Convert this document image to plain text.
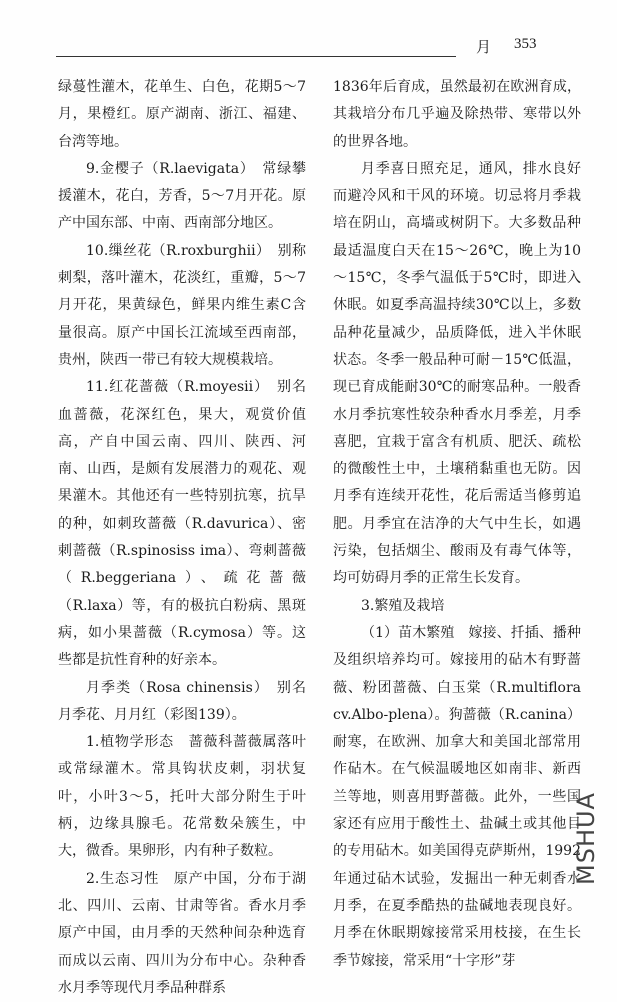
月 353

绿蔓性灌木，花单生、白色，花期5～7月，果橙红。原产湖南、浙江、福建、台湾等地。

9.金樱子（R.laevigata）　常绿攀援灌木，花白，芳香，5～7月开花。原产中国东部、中南、西南部分地区。

10.缫丝花（R.roxburghii）　别称刺梨，落叶灌木，花淡红，重瓣，5～7月开花，果黄绿色，鲜果内维生素C含量很高。原产中国长江流域至西南部，贵州，陕西一带已有较大规模栽培。

11.红花蔷薇（R.moyesii）　别名血蔷薇，花深红色，果大，观赏价值高，产自中国云南、四川、陕西、河南、山西，是颇有发展潜力的观花、观果灌木。其他还有一些特别抗寒，抗旱的种，如刺玫蔷薇（R.davurica）、密刺蔷薇（R.spinosiss ima）、弯刺蔷薇（R.beggeriana）、疏花蔷薇（R.laxa）等，有的极抗白粉病、黑斑病，如小果蔷薇（R.cymosa）等。这些都是抗性育种的好亲本。

月季类（Rosa chinensis）　别名月季花、月月红（彩图139）。

1.植物学形态　蔷薇科蔷薇属落叶或常绿灌木。常具钩状皮刺，羽状复叶，小叶3～5，托叶大部分附生于叶柄，边缘具腺毛。花常数朵簇生，中大，微香。果卵形，内有种子数粒。

2.生态习性　原产中国，分布于湖北、四川、云南、甘肃等省。香水月季原产中国，由月季的天然种间杂种选育而成以云南、四川为分布中心。杂种香水月季等现代月季品种群系

1836年后育成，虽然最初在欧洲育成，其栽培分布几乎遍及除热带、寒带以外的世界各地。

月季喜日照充足，通风，排水良好而避冷风和干风的环境。切忌将月季栽培在阴山，高墙或树阴下。大多数品种最适温度白天在15～26℃，晚上为10～15℃，冬季气温低于5℃时，即进入休眠。如夏季高温持续30℃以上，多数品种花量减少，品质降低，进入半休眠状态。冬季一般品种可耐－15℃低温，现已育成能耐30℃的耐寒品种。一般香水月季抗寒性较杂种香水月季差，月季喜肥，宜栽于富含有机质、肥沃、疏松的微酸性土中，土壤稍黏重也无防。因月季有连续开花性，花后需适当修剪追肥。月季宜在洁净的大气中生长，如遇污染，包括烟尘、酸雨及有毒气体等，均可妨碍月季的正常生长发育。

3.繁殖及栽培

（1）苗木繁殖　嫁接、扦插、播种及组织培养均可。嫁接用的砧木有野蔷薇、粉团蔷薇、白玉棠（R.multiflora cv.Albo-plena）。狗蔷薇（R.canina）耐寒，在欧洲、加拿大和美国北部常用作砧木。在气候温暖地区如南非、新西兰等地，则喜用野蔷薇。此外，一些国家还有应用于酸性土、盐碱土或其他目的专用砧木。如美国得克萨斯州，1992年通过砧木试验，发掘出一种无刺香水月季，在夏季酷热的盐碱地表现良好。月季在休眠期嫁接常采用枝接，在生长季节嫁接，常采用“十字形”芽

MSHUA
